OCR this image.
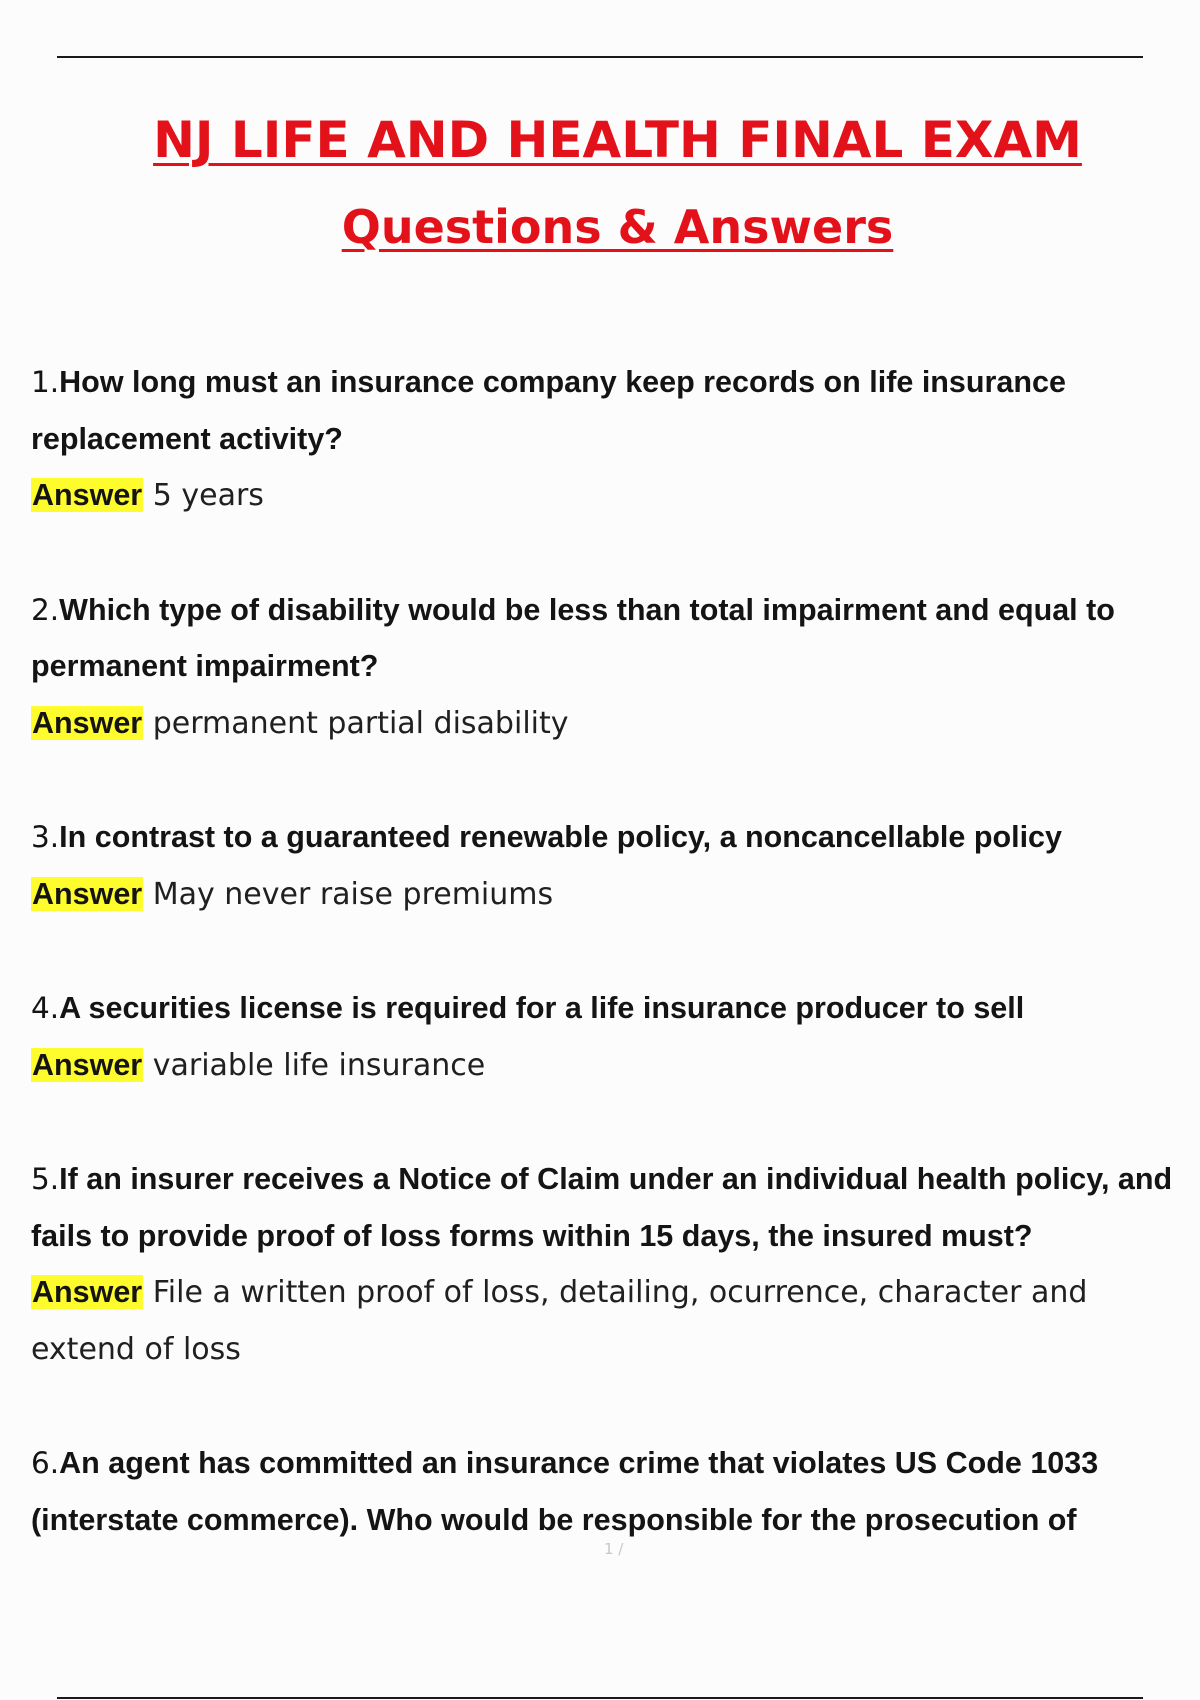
NJ LIFE AND HEALTH FINAL EXAM
Questions & Answers

1.How long must an insurance company keep records on life insurance replacement activity?

Answer 5 years

2.Which type of disability would be less than total impairment and equal to permanent impairment?

Answer permanent partial disability

3.In contrast to a guaranteed renewable policy, a noncancellable policy

Answer May never raise premiums

4.A securities license is required for a life insurance producer to sell

Answer variable life insurance

5.If an insurer receives a Notice of Claim under an individual health policy, and fails to provide proof of loss forms within 15 days, the insured must?

Answer File a written proof of loss, detailing, ocurrence, character and extend of loss

6.An agent has committed an insurance crime that violates US Code 1033 (interstate commerce). Who would be responsible for the prosecution of

1 /
